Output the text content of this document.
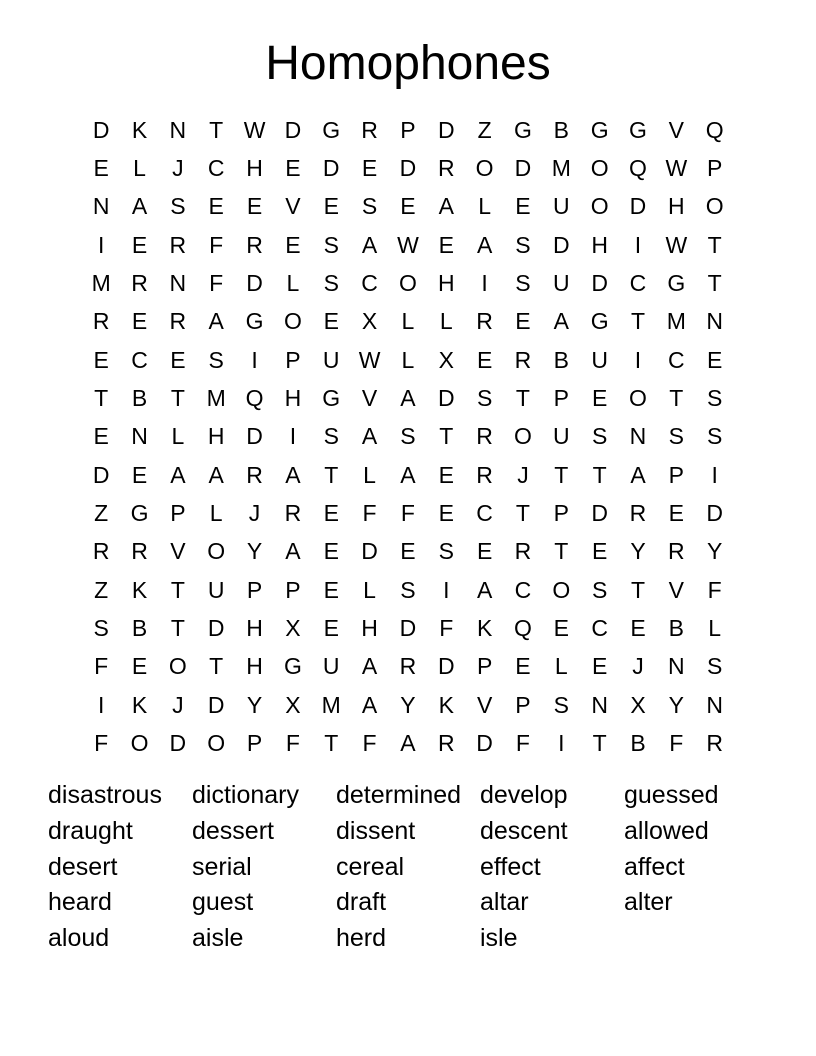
Homophones
D K N	T W D G R P D	Z G B G G V Q
E	L	J	C H E D E D R O D M O Q W P
N A	S	E	E	V	E	S	E	A	L	E U O D H O
I	E R	F	R E	S	A W E	A	S D H	I	W T
M R N	F	D	L	S C O H	I	S U D C G T
R E R A G O E	X	L	L	R E	A G T M N
E C E	S	I	P U W L	X	E R B U	I	C E
T	B	T M Q H G V	A D S	T	P	E O T	S
E N	L	H D	I	S	A	S	T	R O U S N S	S
D E	A	A R A	T	L	A	E R	J	T	T	A	P	I
Z G P	L	J	R E	F	F	E C	T	P D R E D
R R V O Y	A	E D E	S	E R	T	E	Y R Y
Z	K	T	U P	P	E	L	S	I	A C O S	T	V	F
S	B	T	D H X	E H D	F	K Q E C E	B	L
F	E O T	H G U A R D P	E	L	E	J	N S
I	K	J	D Y	X M A	Y	K	V	P	S N X	Y N
F O D O P	F	T	F	A R D	F	I	T	B	F	R
disastrous	dictionary	determined develop	guessed
draught	dessert	dissent	descent	allowed
desert	serial	cereal	effect	affect
heard	guest	draft	altar	alter
aloud	aisle	herd	isle
